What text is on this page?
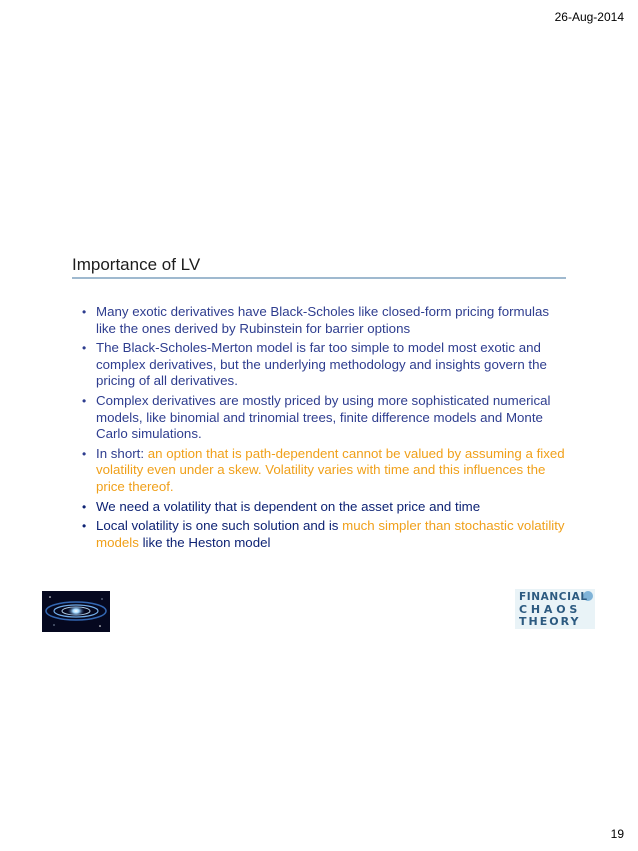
26-Aug-2014
Importance of LV
• Many exotic derivatives have Black-Scholes like closed-form pricing formulas like the ones derived by Rubinstein for barrier options
• The Black-Scholes-Merton model is far too simple to model most exotic and complex derivatives, but the underlying methodology and insights govern the pricing of all derivatives.
• Complex derivatives are mostly priced by using more sophisticated numerical models, like binomial and trinomial trees, finite difference models and Monte Carlo simulations.
• In short: an option that is path-dependent cannot be valued by assuming a fixed volatility even under a skew. Volatility varies with time and this influences the price thereof.
• We need a volatility that is dependent on the asset price and time
• Local volatility is one such solution and is much simpler than stochastic volatility models like the Heston model
FINANCIAL
CHAOS
THEORY
19
